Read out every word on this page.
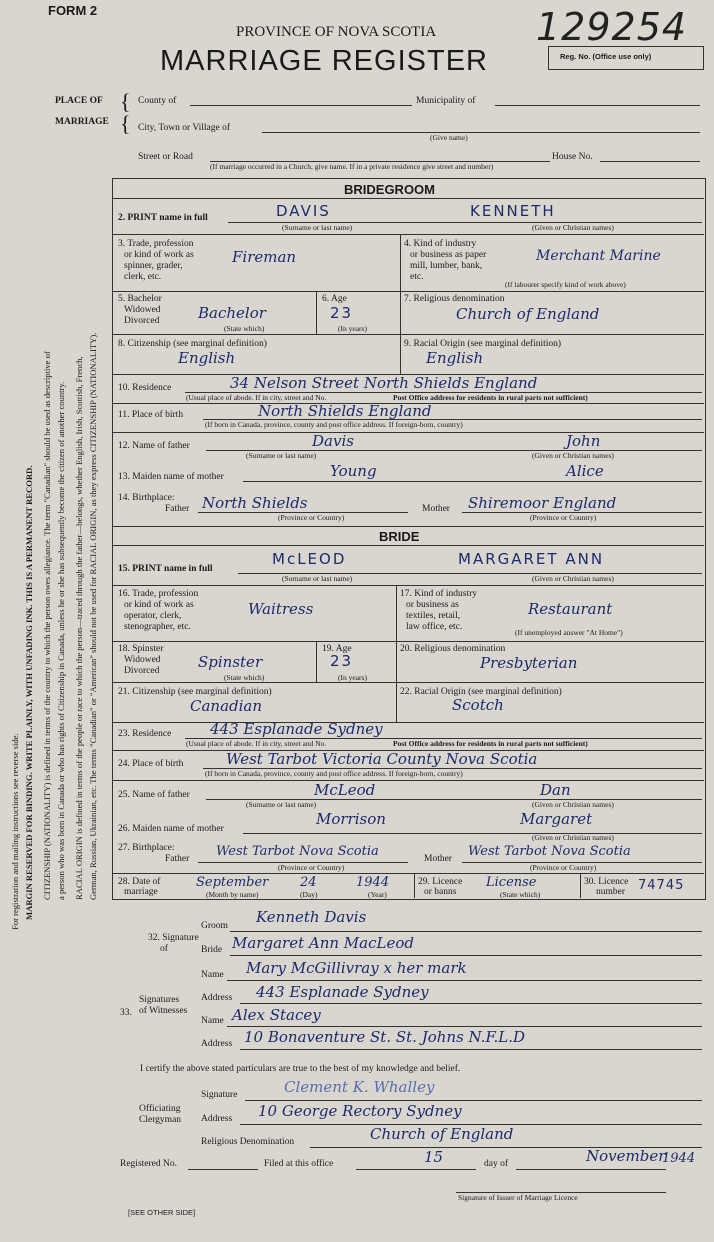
FORM 2
PROVINCE OF NOVA SCOTIA
MARRIAGE REGISTER
129254
Reg. No. (Office use only)
PLACE OF
MARRIAGE
{
{
County of	Municipality of
City, Town or Village of
(Give name)
Street or Road	House No.
(If marriage occurred in a Church, give name. If in a private residence give street and number)
For registration and mailing instructions see reverse side. MARGIN RESERVED FOR BINDING. WRITE PLAINLY, WITH UNFADING INK. THIS IS A PERMANENT RECORD. CITIZENSHIP (NATIONALITY) is defined in terms of the country to which the person owes allegiance. The term "Canadian" should be used as descriptive of a person who was born in Canada or who has rights of Citizenship in Canada, unless he or she has subsequently become the citizen of another country. RACIAL ORIGIN is defined in terms of the people or race to which the person—traced through the father—belongs, whether English, Irish, Scottish, French, German, Russian, Ukrainian, etc. The terms "Canadian" or "American" should not be used for RACIAL ORIGIN, as they express CITIZENSHIP (NATIONALITY).
BRIDEGROOM
2. PRINT name in full	DAVIS	KENNETH
(Surname or last name)	(Given or Christian names)
3. Trade, profession
or kind of work as
spinner, grader,
clerk, etc.
Fireman
4. Kind of industry
or business as paper
mill, lumber, bank,
etc.
Merchant Marine
(If labourer specify kind of work above)
5. Bachelor
Widowed
Divorced	Bachelor
(State which)
6. Age
23
(In years)
7. Religious denomination
Church of England
8. Citizenship (see marginal definition)
English
9. Racial Origin (see marginal definition)
English
10. Residence	34 Nelson Street North Shields England
(Usual place of abode. If in city, street and No.	Post Office address for residents in rural parts not sufficient)
11. Place of birth	North Shields England
(If born in Canada, province, county and post office address. If foreign-born, country)
12. Name of father	Davis	John
(Surname or last name)	(Given or Christian names)
13. Maiden name of mother	Young	Alice
14. Birthplace:
Father North Shields	Mother Shiremoor England
(Province or Country)	(Province or Country)
BRIDE
15. PRINT name in full
McLEOD	MARGARET ANN
(Surname or last name)	(Given or Christian names)
16. Trade, profession
or kind of work as
operator, clerk,
stenographer, etc.
Waitress
17. Kind of industry
or business as
textiles, retail,
law office, etc.
Restaurant
(If unemployed answer "At Home")
18. Spinster
Widowed
Divorced	Spinster
(State which)
19. Age
23
(In years)
20. Religious denomination
Presbyterian
21. Citizenship (see marginal definition)
Canadian
22. Racial Origin (see marginal definition)
Scotch
23. Residence	443 Esplanade Sydney
(Usual place of abode. If in city, street and No.	Post Office address for residents in rural parts not sufficient)
24. Place of birth	West Tarbot Victoria County Nova Scotia
(If born in Canada, province, county and post office address. If foreign-born, country)
25. Name of father	McLeod	Dan
(Surname or last name)	(Given or Christian names)
26. Maiden name of mother
Morrison	Margaret
(Given or Christian names)
27. Birthplace:
Father West Tarbot Nova Scotia	Mother West Tarbot Nova Scotia
(Province or Country)	(Province or Country)
28. Date of
marriage
September 24	1944
(Month by name)	(Day)	(Year)
29. Licence
or banns
License
(State which)
30. Licence
number 74745
32. Signature
of
Groom Kenneth Davis
Bride Margaret Ann MacLeod
33.
Signatures
of Witnesses
Name Mary McGillivray x her mark
Address 443 Esplanade Sydney
Name Alex Stacey
Address 10 Bonaventure St. St. Johns N.F.L.D
I certify the above stated particulars are true to the best of my knowledge and belief.
Officiating
Clergyman
Signature	Clement K. Whalley
Address 10 George Rectory Sydney
Religious Denomination	Church of England
Registered No.	Filed at this office	15	day of	November
1944
Signature of Issuer of Marriage Licence
[SEE OTHER SIDE]
